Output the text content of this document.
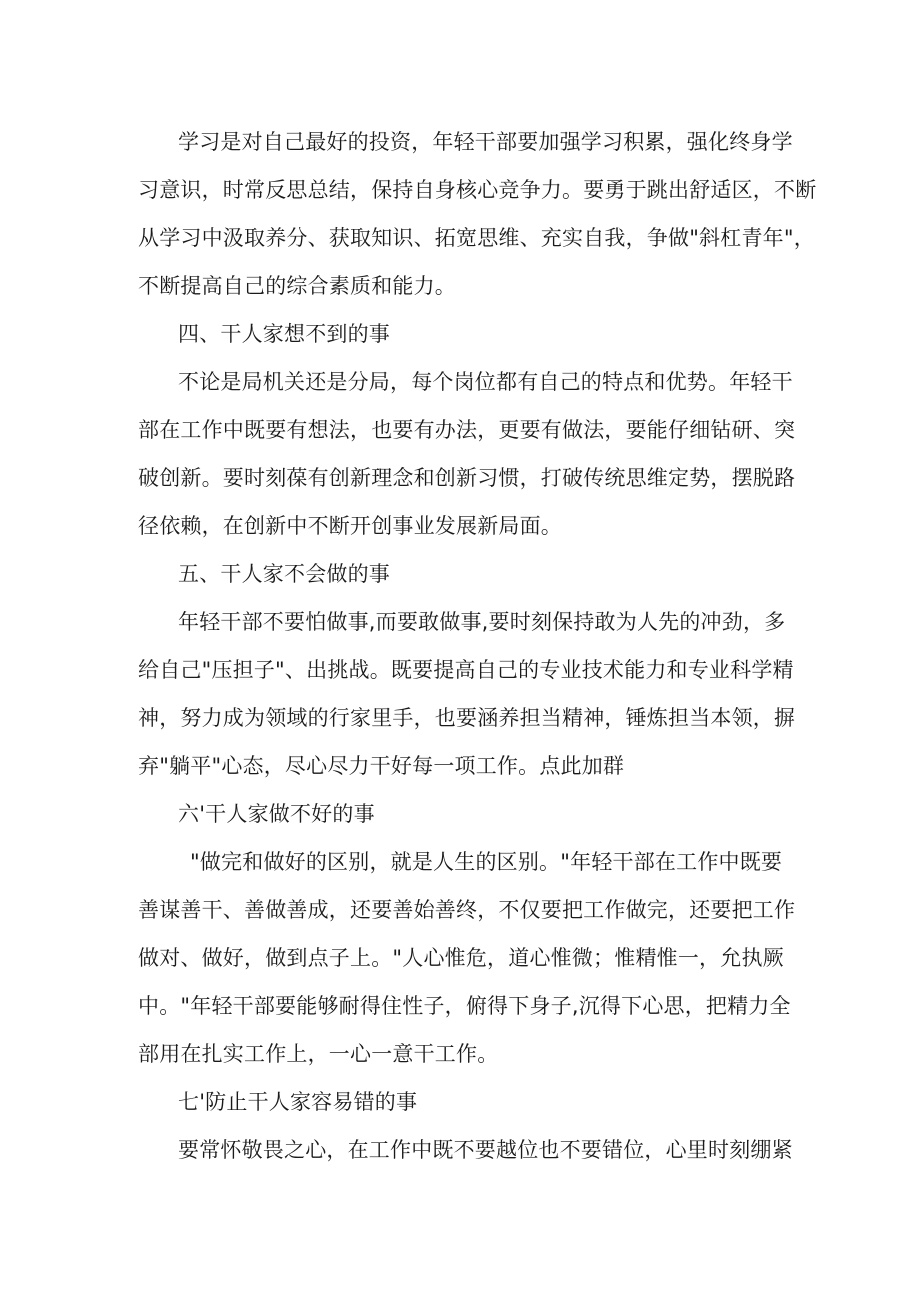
学习是对自己最好的投资，年轻干部要加强学习积累，强化终身学
习意识，时常反思总结，保持自身核心竞争力。要勇于跳出舒适区，不断
从学习中汲取养分、获取知识、拓宽思维、充实自我，争做"斜杠青年"，
不断提高自己的综合素质和能力。
四、干人家想不到的事
不论是局机关还是分局，每个岗位都有自己的特点和优势。年轻干
部在工作中既要有想法，也要有办法，更要有做法，要能仔细钻研、突
破创新。要时刻葆有创新理念和创新习惯，打破传统思维定势，摆脱路
径依赖，在创新中不断开创事业发展新局面。
五、干人家不会做的事
年轻干部不要怕做事,而要敢做事,要时刻保持敢为人先的冲劲，多
给自己"压担子"、出挑战。既要提高自己的专业技术能力和专业科学精
神，努力成为领域的行家里手，也要涵养担当精神，锤炼担当本领，摒
弃"躺平"心态，尽心尽力干好每一项工作。点此加群
六'干人家做不好的事
"做完和做好的区别，就是人生的区别。"年轻干部在工作中既要
善谋善干、善做善成，还要善始善终，不仅要把工作做完，还要把工作
做对、做好，做到点子上。"人心惟危，道心惟微；惟精惟一，允执厥
中。"年轻干部要能够耐得住性子，俯得下身子,沉得下心思，把精力全
部用在扎实工作上，一心一意干工作。
七'防止干人家容易错的事
要常怀敬畏之心，在工作中既不要越位也不要错位，心里时刻绷紧
